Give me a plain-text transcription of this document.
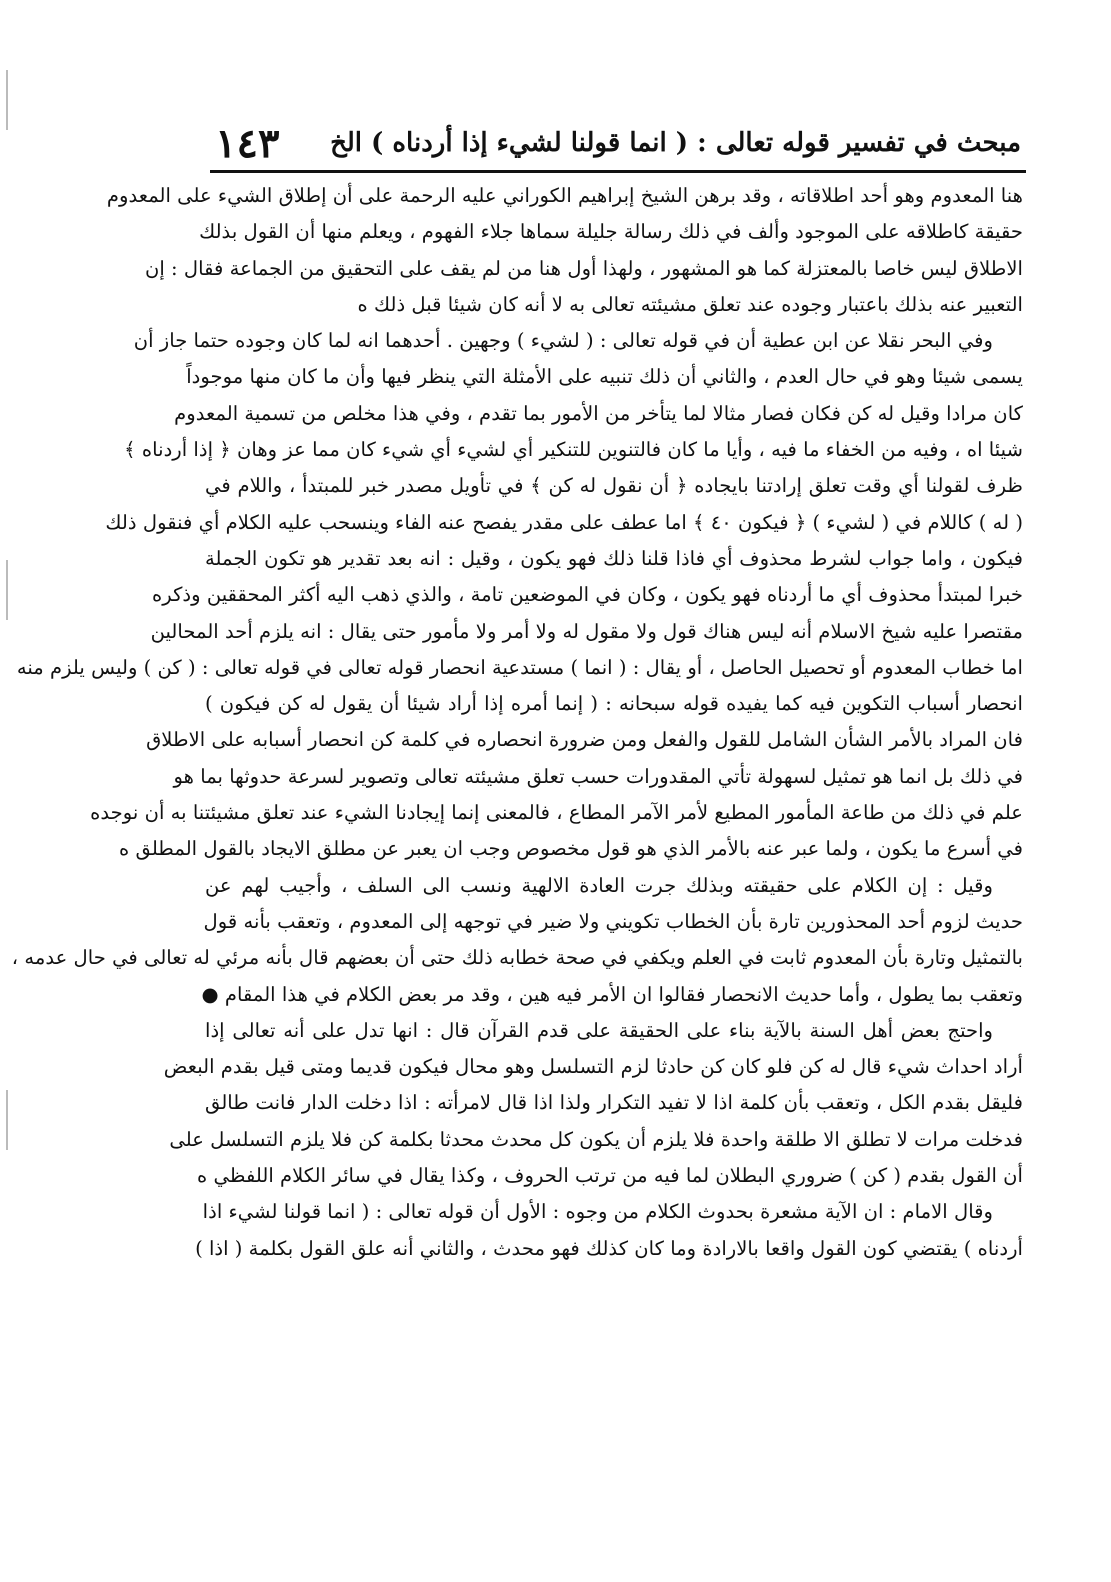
مبحث في تفسير قوله تعالى : ( انما قولنا لشيء إذا أردناه ) الخ
١٤٣
هنا المعدوم وهو أحد اطلاقاته ، وقد برهن الشيخ إبراهيم الكوراني عليه الرحمة على أن إطلاق الشيء على المعدوم
حقيقة كاطلاقه على الموجود وألف في ذلك رسالة جليلة سماها جلاء الفهوم ، ويعلم منها أن القول بذلك
الاطلاق ليس خاصا بالمعتزلة كما هو المشهور ، ولهذا أول هنا من لم يقف على التحقيق من الجماعة فقال : إن
التعبير عنه بذلك باعتبار وجوده عند تعلق مشيئته تعالى به لا أنه كان شيئا قبل ذلك ه
وفي البحر نقلا عن ابن عطية أن في قوله تعالى : ( لشيء ) وجهين . أحدهما انه لما كان وجوده حتما جاز أن
يسمى شيئا وهو في حال العدم ، والثاني أن ذلك تنبيه على الأمثلة التي ينظر فيها وأن ما كان منها موجوداً
كان مرادا وقيل له كن فكان فصار مثالا لما يتأخر من الأمور بما تقدم ، وفي هذا مخلص من تسمية المعدوم
شيئا اه ، وفيه من الخفاء ما فيه ، وأيا ما كان فالتنوين للتنكير أي لشيء أي شيء كان مما عز وهان ﴿ إذا أردناه ﴾
ظرف لقولنا أي وقت تعلق إرادتنا بايجاده ﴿ أن نقول له كن ﴾ في تأويل مصدر خبر للمبتدأ ، واللام في
( له ) كاللام في ( لشيء ) ﴿ فيكون ٤٠ ﴾ اما عطف على مقدر يفصح عنه الفاء وينسحب عليه الكلام أي فنقول ذلك
فيكون ، واما جواب لشرط محذوف أي فاذا قلنا ذلك فهو يكون ، وقيل : انه بعد تقدير هو تكون الجملة
خبرا لمبتدأ محذوف أي ما أردناه فهو يكون ، وكان في الموضعين تامة ، والذي ذهب اليه أكثر المحققين وذكره
مقتصرا عليه شيخ الاسلام أنه ليس هناك قول ولا مقول له ولا أمر ولا مأمور حتى يقال : انه يلزم أحد المحالين
اما خطاب المعدوم أو تحصيل الحاصل ، أو يقال : ( انما ) مستدعية انحصار قوله تعالى في قوله تعالى : ( كن ) وليس يلزم منه
انحصار أسباب التكوين فيه كما يفيده قوله سبحانه : ( إنما أمره إذا أراد شيئا أن يقول له كن فيكون )
فان المراد بالأمر الشأن الشامل للقول والفعل ومن ضرورة انحصاره في كلمة كن انحصار أسبابه على الاطلاق
في ذلك بل انما هو تمثيل لسهولة تأتي المقدورات حسب تعلق مشيئته تعالى وتصوير لسرعة حدوثها بما هو
علم في ذلك من طاعة المأمور المطيع لأمر الآمر المطاع ، فالمعنى إنما إيجادنا الشيء عند تعلق مشيئتنا به أن نوجده
في أسرع ما يكون ، ولما عبر عنه بالأمر الذي هو قول مخصوص وجب ان يعبر عن مطلق الايجاد بالقول المطلق ه
وقيل : إن الكلام على حقيقته وبذلك جرت العادة الالهية ونسب الى السلف ، وأجيب لهم عن
حديث لزوم أحد المحذورين تارة بأن الخطاب تكويني ولا ضير في توجهه إلى المعدوم ، وتعقب بأنه قول
بالتمثيل وتارة بأن المعدوم ثابت في العلم ويكفي في صحة خطابه ذلك حتى أن بعضهم قال بأنه مرئي له تعالى في حال عدمه ،
وتعقب بما يطول ، وأما حديث الانحصار فقالوا ان الأمر فيه هين ، وقد مر بعض الكلام في هذا المقام ●
واحتج بعض أهل السنة بالآية بناء على الحقيقة على قدم القرآن قال : انها تدل على أنه تعالى إذا
أراد احداث شيء قال له كن فلو كان كن حادثا لزم التسلسل وهو محال فيكون قديما ومتى قيل بقدم البعض
فليقل بقدم الكل ، وتعقب بأن كلمة اذا لا تفيد التكرار ولذا اذا قال لامرأته : اذا دخلت الدار فانت طالق
فدخلت مرات لا تطلق الا طلقة واحدة فلا يلزم أن يكون كل محدث محدثا بكلمة كن فلا يلزم التسلسل على
أن القول بقدم ( كن ) ضروري البطلان لما فيه من ترتب الحروف ، وكذا يقال في سائر الكلام اللفظي ه
وقال الامام : ان الآية مشعرة بحدوث الكلام من وجوه : الأول أن قوله تعالى : ( انما قولنا لشيء اذا
أردناه ) يقتضي كون القول واقعا بالارادة وما كان كذلك فهو محدث ، والثاني أنه علق القول بكلمة ( اذا )
